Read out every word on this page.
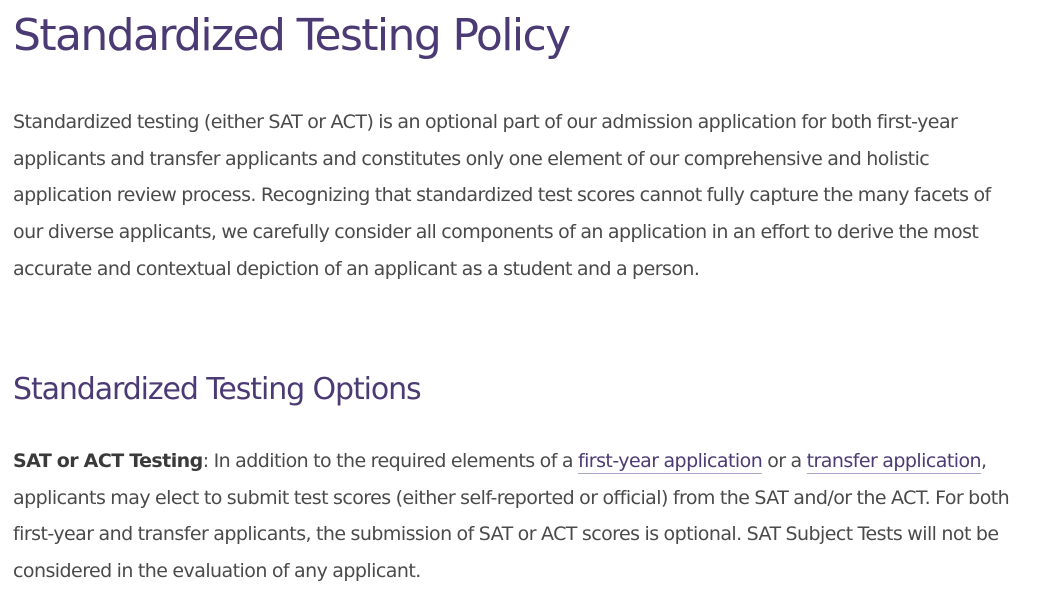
Standardized Testing Policy

Standardized testing (either SAT or ACT) is an optional part of our admission application for both first-year applicants and transfer applicants and constitutes only one element of our comprehensive and holistic application review process. Recognizing that standardized test scores cannot fully capture the many facets of our diverse applicants, we carefully consider all components of an application in an effort to derive the most accurate and contextual depiction of an applicant as a student and a person.

Standardized Testing Options

SAT or ACT Testing: In addition to the required elements of a first-year application or a transfer application, applicants may elect to submit test scores (either self-reported or official) from the SAT and/or the ACT. For both first-year and transfer applicants, the submission of SAT or ACT scores is optional. SAT Subject Tests will not be considered in the evaluation of any applicant.
